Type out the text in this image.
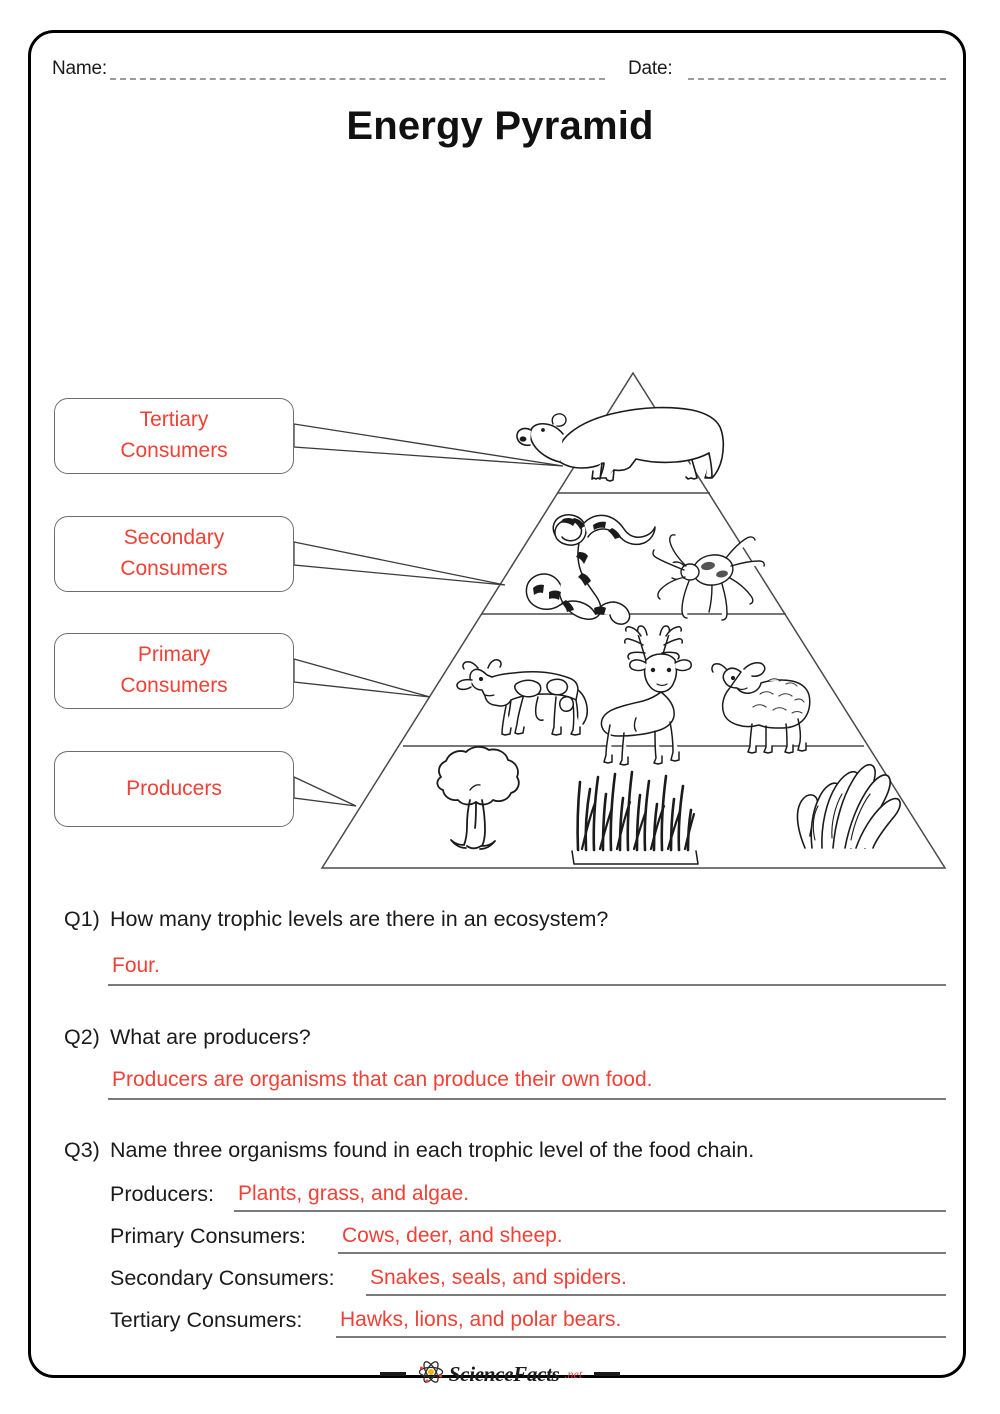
Name:	Date:
Energy Pyramid
Tertiary
Consumers
Secondary
Consumers
Primary
Consumers
Producers
Q1) How many trophic levels are there in an ecosystem?
Four.
Q2) What are producers?
Producers are organisms that can produce their own food.
Q3) Name three organisms found in each trophic level of the food chain.
Producers: Plants, grass, and algae.
Primary Consumers: Cows, deer, and sheep.
Secondary Consumers: Snakes, seals, and spiders.
Tertiary Consumers: Hawks, lions, and polar bears.
ScienceFacts .net
